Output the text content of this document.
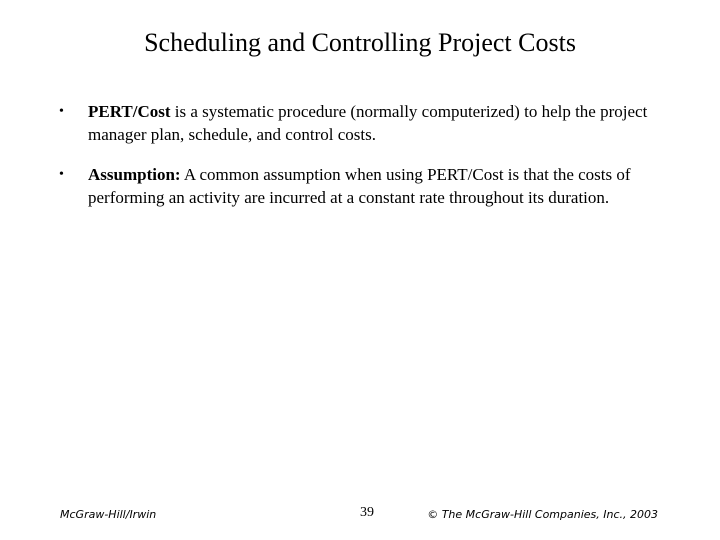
Scheduling and Controlling Project Costs
• PERT/Cost is a systematic procedure (normally computerized) to help the project manager plan, schedule, and control costs.
• Assumption: A common assumption when using PERT/Cost is that the costs of performing an activity are incurred at a constant rate throughout its duration.
McGraw-Hill/Irwin	39	© The McGraw-Hill Companies, Inc., 2003
